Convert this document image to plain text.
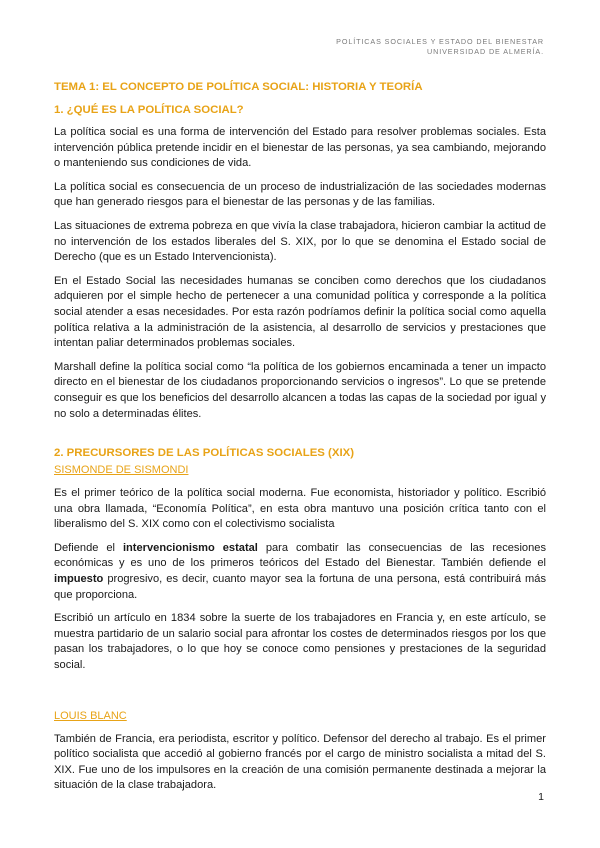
POLÍTICAS SOCIALES Y ESTADO DEL BIENESTAR
UNIVERSIDAD DE ALMERÍA.
TEMA 1: EL CONCEPTO DE POLÍTICA SOCIAL: HISTORIA Y TEORÍA
1. ¿QUÉ ES LA POLÍTICA SOCIAL?

La política social es una forma de intervención del Estado para resolver problemas sociales. Esta intervención pública pretende incidir en el bienestar de las personas, ya sea cambiando, mejorando o manteniendo sus condiciones de vida.

La política social es consecuencia de un proceso de industrialización de las sociedades modernas que han generado riesgos para el bienestar de las personas y de las familias.

Las situaciones de extrema pobreza en que vivía la clase trabajadora, hicieron cambiar la actitud de no intervención de los estados liberales del S. XIX, por lo que se denomina el Estado social de Derecho (que es un Estado Intervencionista).

En el Estado Social las necesidades humanas se conciben como derechos que los ciudadanos adquieren por el simple hecho de pertenecer a una comunidad política y corresponde a la política social atender a esas necesidades. Por esta razón podríamos definir la política social como aquella política relativa a la administración de la asistencia, al desarrollo de servicios y prestaciones que intentan paliar determinados problemas sociales.

Marshall define la política social como “la política de los gobiernos encaminada a tener un impacto directo en el bienestar de los ciudadanos proporcionando servicios o ingresos”. Lo que se pretende conseguir es que los beneficios del desarrollo alcancen a todas las capas de la sociedad por igual y no solo a determinadas élites.

2. PRECURSORES DE LAS POLÍTICAS SOCIALES (XIX)
SISMONDE DE SISMONDI

Es el primer teórico de la política social moderna. Fue economista, historiador y político. Escribió una obra llamada, “Economía Política”, en esta obra mantuvo una posición crítica tanto con el liberalismo del S. XIX como con el colectivismo socialista

Defiende el intervencionismo estatal para combatir las consecuencias de las recesiones económicas y es uno de los primeros teóricos del Estado del Bienestar. También defiende el impuesto progresivo, es decir, cuanto mayor sea la fortuna de una persona, está contribuirá más que proporciona.

Escribió un artículo en 1834 sobre la suerte de los trabajadores en Francia y, en este artículo, se muestra partidario de un salario social para afrontar los costes de determinados riesgos por los que pasan los trabajadores, o lo que hoy se conoce como pensiones y prestaciones de la seguridad social.

LOUIS BLANC

También de Francia, era periodista, escritor y político. Defensor del derecho al trabajo. Es el primer político socialista que accedió al gobierno francés por el cargo de ministro socialista a mitad del S. XIX. Fue uno de los impulsores en la creación de una comisión permanente destinada a mejorar la situación de la clase trabajadora.

1
